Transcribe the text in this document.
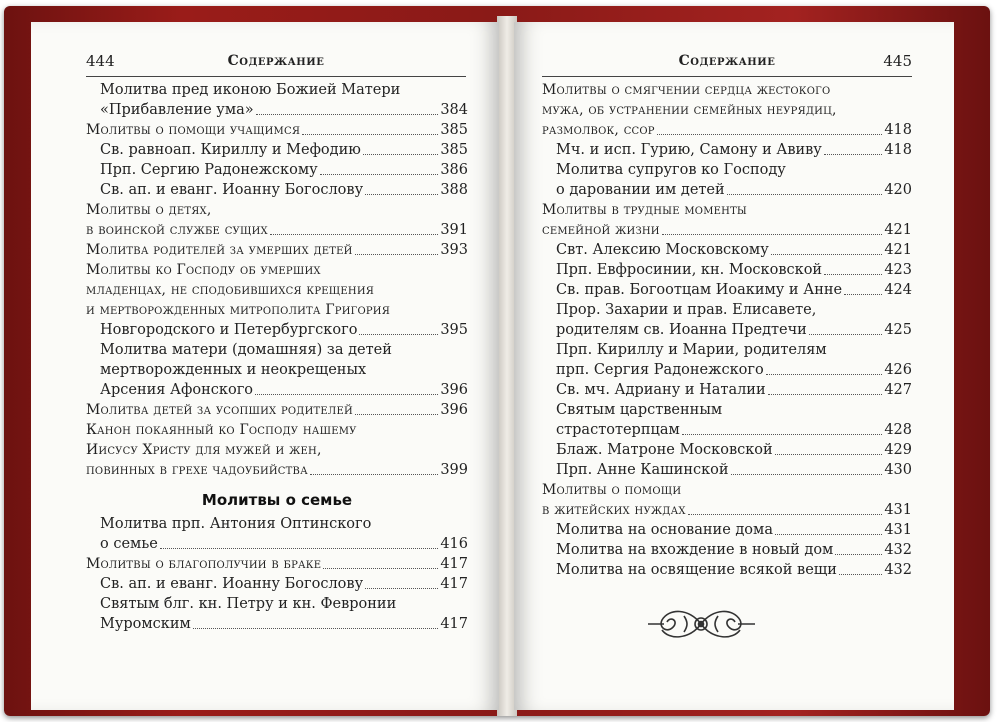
444	Содержание
Молитва пред иконою Божией Матери
«Прибавление ума»	384
Молитвы о помощи учащимся	385
Св. равноап. Кириллу и Мефодию	385
Прп. Сергию Радонежскому	386
Св. ап. и еванг. Иоанну Богослову	388
Молитвы о детях,
в воинской службе сущих	391
Молитва родителей за умерших детей	393
Молитвы ко Господу об умерших
младенцах, не сподобившихся крещения
и мертворожденных митрополита Григория
Новгородского и Петербургского	395
Молитва матери (домашняя) за детей
мертворожденных и неокрещеных
Арсения Афонского	396
Молитва детей за усопших родителей	396
Канон покаянный ко Господу нашему
Иисусу Христу для мужей и жен,
повинных в грехе чадоубийства	399
Молитвы о семье
Молитва прп. Антония Оптинского
о семье	416
Молитвы о благополучии в браке	417
Св. ап. и еванг. Иоанну Богослову	417
Святым блг. кн. Петру и кн. Февронии
Муромским	417
Содержание	445
Молитвы о смягчении сердца жестокого
мужа, об устранении семейных неурядиц,
размолвок, ссор	418
Мч. и исп. Гурию, Самону и Авиву	418
Молитва супругов ко Господу
о даровании им детей	420
Молитвы в трудные моменты
семейной жизни	421
Свт. Алексию Московскому	421
Прп. Евфросинии, кн. Московской	423
Св. прав. Богоотцам Иоакиму и Анне	424
Прор. Захарии и прав. Елисавете,
родителям св. Иоанна Предтечи	425
Прп. Кириллу и Марии, родителям
прп. Сергия Радонежского	426
Св. мч. Адриану и Наталии	427
Святым царственным
страстотерпцам	428
Блаж. Матроне Московской	429
Прп. Анне Кашинской	430
Молитвы о помощи
в житейских нуждах	431
Молитва на основание дома	431
Молитва на вхождение в новый дом	432
Молитва на освящение всякой вещи	432
